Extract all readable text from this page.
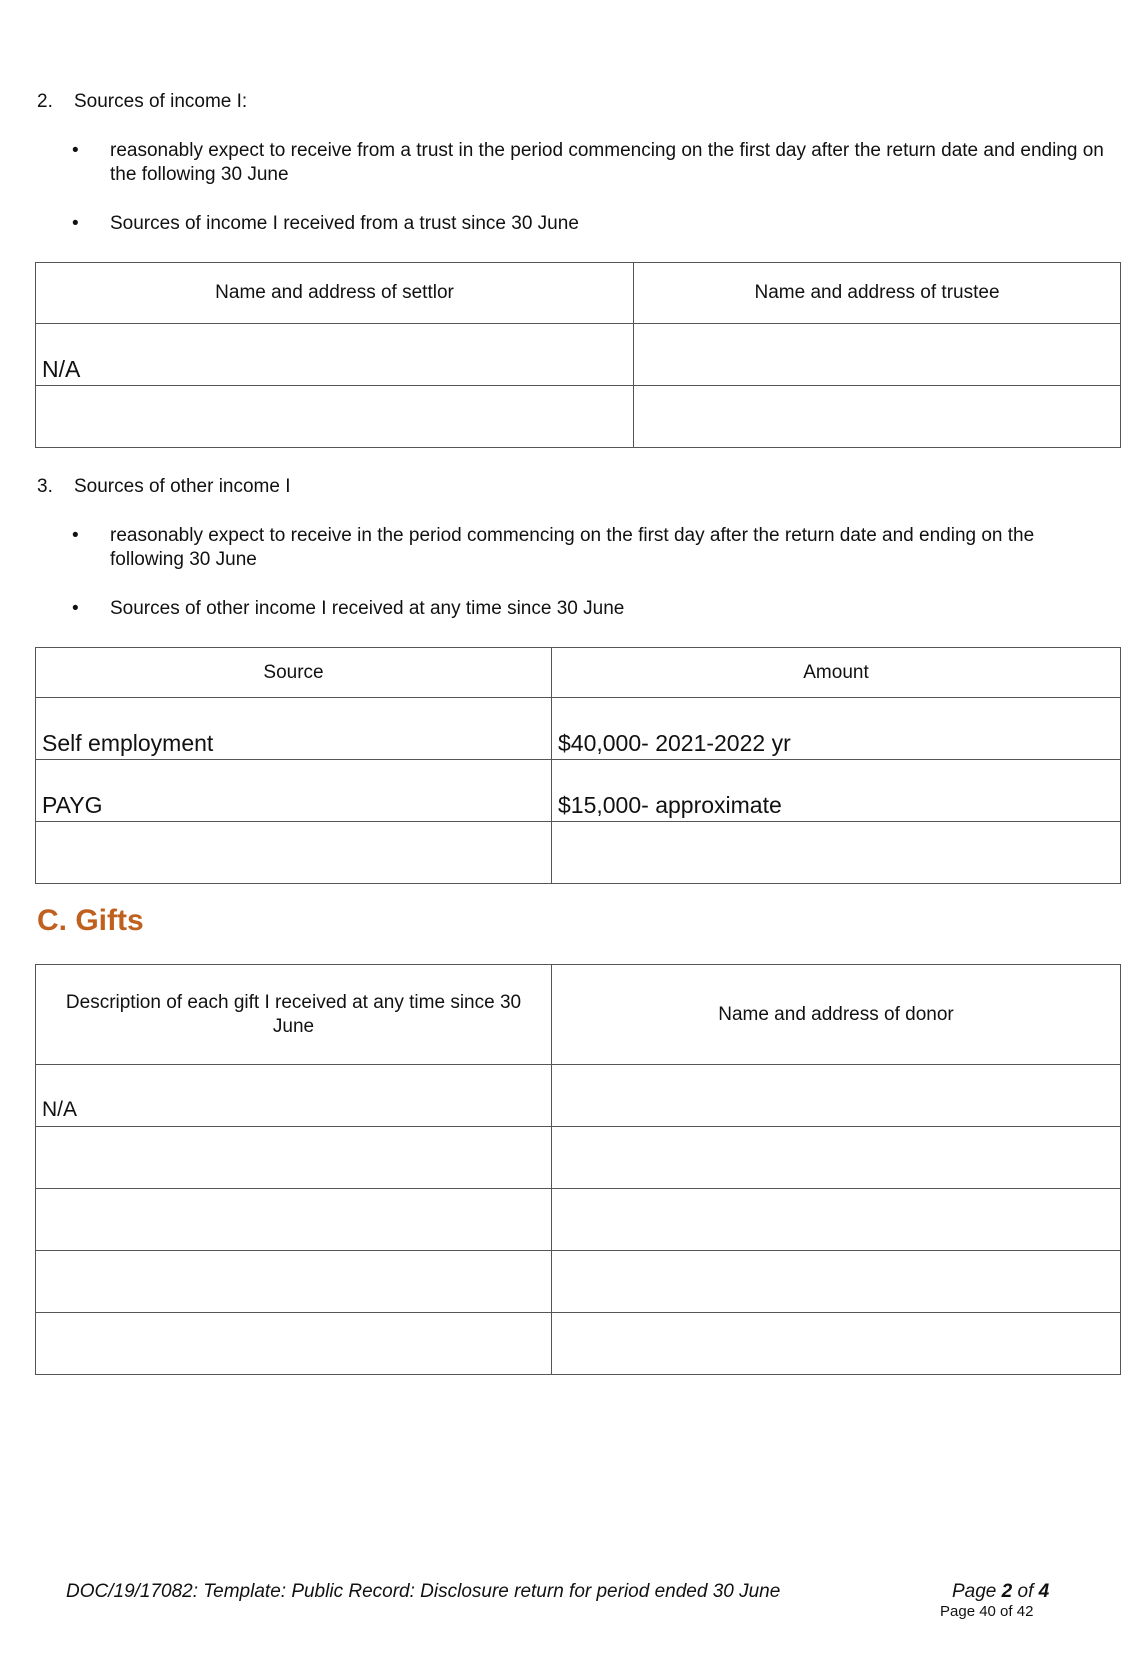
2. Sources of income I:
• reasonably expect to receive from a trust in the period commencing on the first day after the return date and ending on the following 30 June
• Sources of income I received from a trust since 30 June
Name and address of settlor	Name and address of trustee
N/A	

3. Sources of other income I
• reasonably expect to receive in the period commencing on the first day after the return date and ending on the following 30 June
• Sources of other income I received at any time since 30 June
Source	Amount
Self employment	$40,000- 2021-2022 yr
PAYG	$15,000- approximate

C. Gifts
Description of each gift I received at any time since 30 June	Name and address of donor
N/A	

DOC/19/17082: Template: Public Record: Disclosure return for period ended 30 June	Page 2 of 4
Page 40 of 42
